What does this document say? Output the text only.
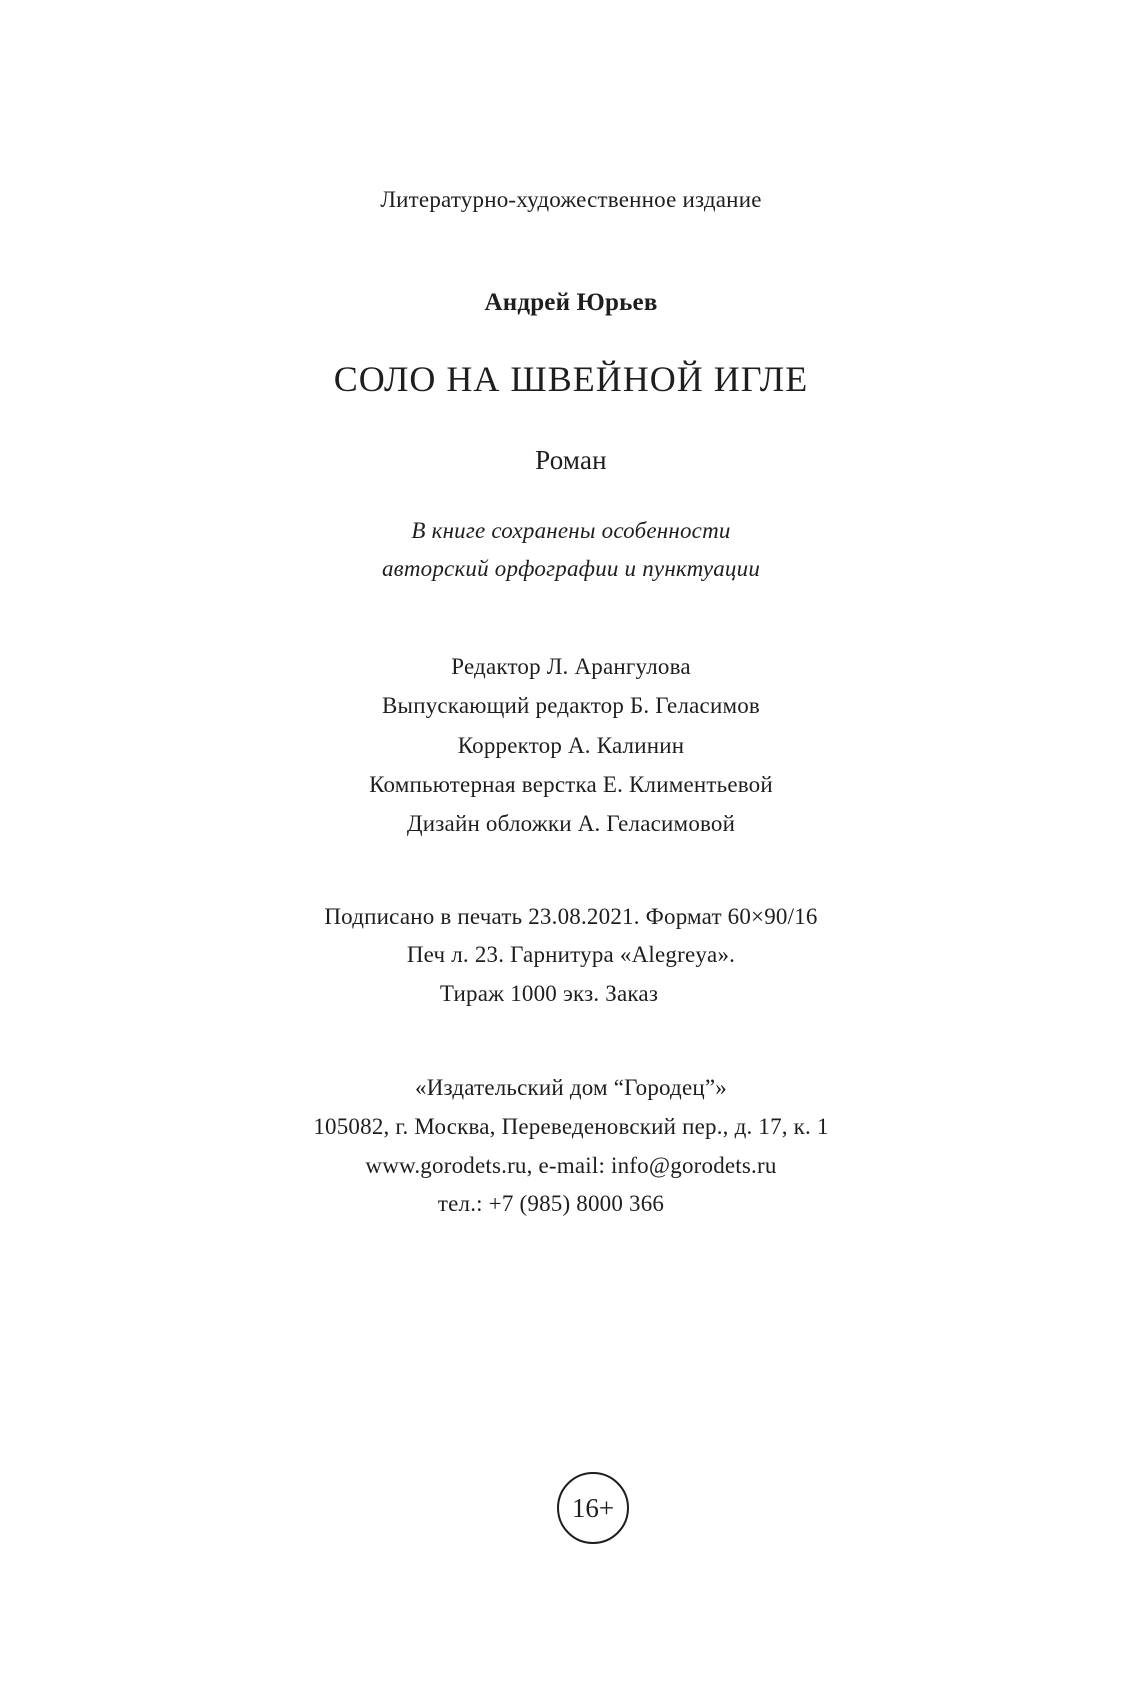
Литературно-художественное издание
Андрей Юрьев
СОЛО НА ШВЕЙНОЙ ИГЛЕ
Роман
В книге сохранены особенности
авторский орфографии и пунктуации
Редактор Л. Арангулова
Выпускающий редактор Б. Геласимов
Корректор А. Калинин
Компьютерная верстка Е. Климентьевой
Дизайн обложки А. Геласимовой
Подписано в печать 23.08.2021. Формат 60×90/16
Печ л. 23. Гарнитура «Alegreya».
Тираж 1000 экз. Заказ
«Издательский дом “Городец”»
105082, г. Москва, Переведеновский пер., д. 17, к. 1
www.gorodets.ru, e-mail: info@gorodets.ru
тел.: +7 (985) 8000 366
16+
